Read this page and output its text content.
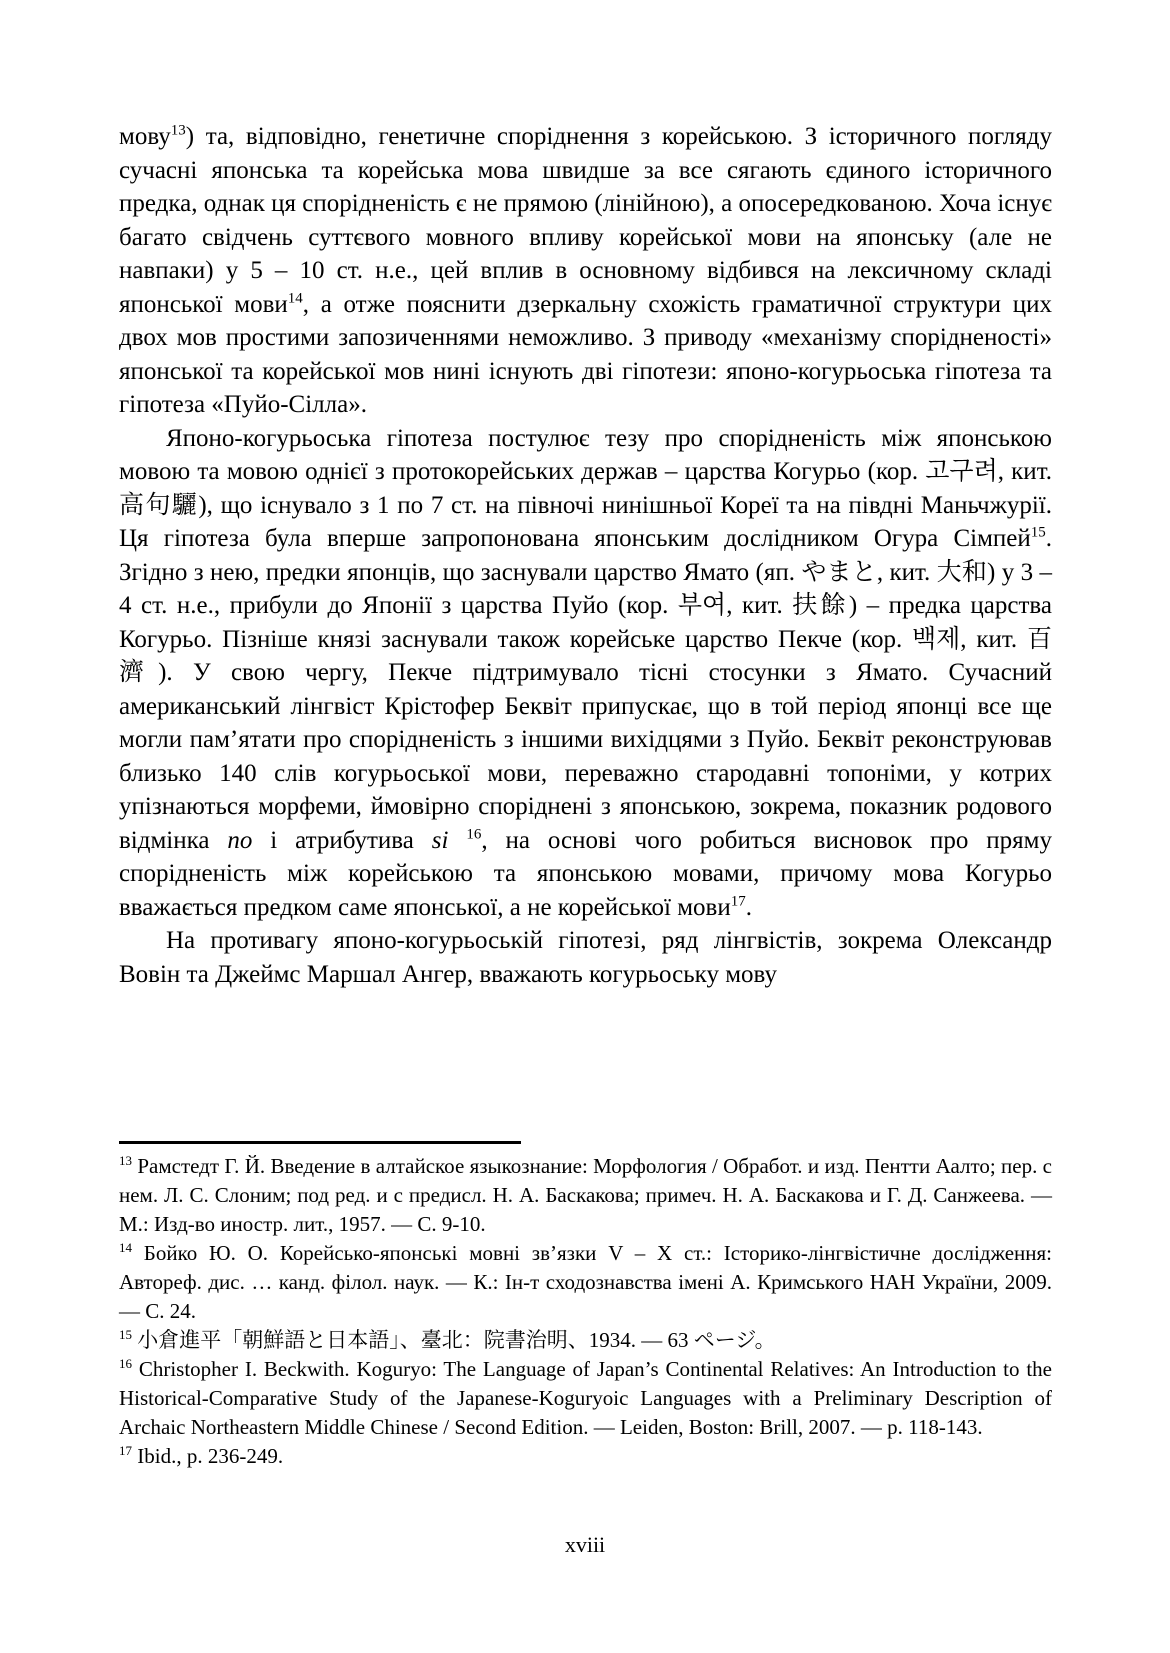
мову$^{13}$) та, відповідно, генетичне споріднення з корейською. З історичного погляду сучасні японська та корейська мова швидше за все сягають єдиного історичного предка, однак ця спорідненість є не прямою (лінійною), а опосередкованою. Хоча існує багато свідчень суттєвого мовного впливу корейської мови на японську (але не навпаки) у 5 – 10 ст. н.е., цей вплив в основному відбився на лексичному складі японської мови$^{14}$, а отже пояснити дзеркальну схожість граматичної структури цих двох мов простими запозиченнями неможливо. З приводу «механізму спорідненості» японської та корейської мов нині існують дві гіпотези: японо-когурьоська гіпотеза та гіпотеза «Пуйо-Сілла».

Японо-когурьоська гіпотеза постулює тезу про спорідненість між японською мовою та мовою однієї з протокорейських держав – царства Когурьо (кор. 고구려, кит. 高句驪), що існувало з 1 по 7 ст. на півночі нинішньої Кореї та на півдні Маньчжурії. Ця гіпотеза була вперше запропонована японським дослідником Огура Сімпей$^{15}$. Згідно з нею, предки японців, що заснували царство Ямато (яп. やまと, кит. 大和) у 3 – 4 ст. н.е., прибули до Японії з царства Пуйо (кор. 부여, кит. 扶餘) – предка царства Когурьо. Пізніше князі заснували також корейське царство Пекче (кор. 백제, кит. 百濟). У свою чергу, Пекче підтримувало тісні стосунки з Ямато. Сучасний американський лінгвіст Крістофер Беквіт припускає, що в той період японці все ще могли пам’ятати про спорідненість з іншими вихідцями з Пуйо. Беквіт реконструював близько 140 слів когурьоської мови, переважно стародавні топоніми, у котрих упізнаються морфеми, ймовірно споріднені з японською, зокрема, показник родового відмінка no і атрибутива si $^{16}$, на основі чого робиться висновок про пряму спорідненість між корейською та японською мовами, причому мова Когурьо вважається предком саме японської, а не корейської мови$^{17}$.

На противагу японо-когурьоській гіпотезі, ряд лінгвістів, зокрема Олександр Вовін та Джеймс Маршал Ангер, вважають когурьоську мову

$^{13}$ Рамстедт Г. Й. Введение в алтайское языкознание: Морфология / Обработ. и изд. Пентти Аалто; пер. с нем. Л. С. Слоним; под ред. и с предисл. Н. А. Баскакова; примеч. Н. А. Баскакова и Г. Д. Санжеева. — М.: Изд-во иностр. лит., 1957. — С. 9-10.

$^{14}$ Бойко Ю. О. Корейсько-японські мовні зв’язки V – X ст.: Історико-лінгвістичне дослідження: Автореф. дис. … канд. філол. наук. — К.: Ін-т сходознавства імені А. Кримського НАН України, 2009. — С. 24.

$^{15}$ 小倉進平「朝鮮語と日本語」、臺北：院書治明、1934. — 63 ページ。

$^{16}$ Christopher I. Beckwith. Koguryo: The Language of Japan’s Continental Relatives: An Introduction to the Historical-Comparative Study of the Japanese-Koguryoic Languages with a Preliminary Description of Archaic Northeastern Middle Chinese / Second Edition. — Leiden, Boston: Brill, 2007. — p. 118-143.

$^{17}$ Ibid., p. 236-249.

xviii
